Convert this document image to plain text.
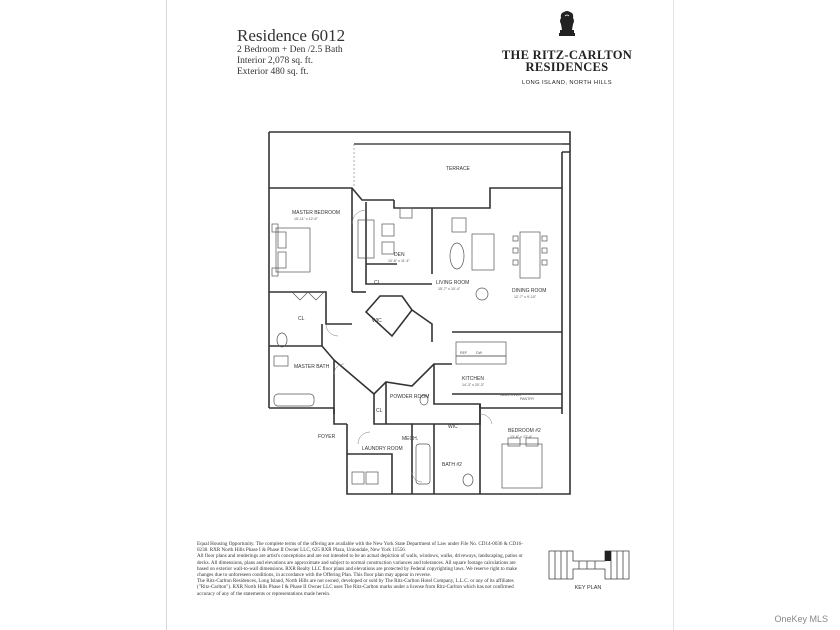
Residence 6012
2 Bedroom + Den /2.5 Bath
Interior 2,078 sq. ft.
Exterior 480 sq. ft.
THE RITZ-CARLTON
RESIDENCES
LONG ISLAND, NORTH HILLS
TERRACE
MASTER BEDROOM
15'-11" x 12'-6"
DEN
10'-6" x 11'-4"
CL	LIVING ROOM
15'-7" x 10'-4"	DINING ROOM
12'-7" x 9'-10"
CL	WIC
MASTER BATH
REF DW
KITCHEN
14'-3" x 20'-3"
WALL OVEN
PANTRY
POWDER ROOM
CL
WIC
BEDROOM #2
13'-6" x 13'-4"
FOYER	MECH.
LAUNDRY ROOM
BATH #2

Equal Housing Opportunity. The complete terms of the offering are available with the New York State Department of Law under File No. CD14-0036 & CD16-0238. RXR North Hills Phase I & Phase II Owner LLC, 625 RXR Plaza, Uniondale, New York 11556.

All floor plans and renderings are artist's conceptions and are not intended to be an actual depiction of walls, windows, walks, driveways, landscaping, patios or decks. All dimensions, plans and elevations are approximate and subject to normal construction variances and tolerances. All square footage calculations are based on exterior wall-to-wall dimensions. RXR Realty LLC floor plans and elevations are protected by Federal copyrighting laws. We reserve right to make changes due to unforeseen conditions, in accordance with the Offering Plan. This floor plan may appear in reverse.

The Ritz-Carlton Residences, Long Island, North Hills are not owned, developed or sold by The Ritz-Carlton Hotel Company, L.L.C. or any of its affiliates ("Ritz-Carlton"). RXR North Hills Phase I & Phase II Owner LLC uses The Ritz-Carlton marks under a license from Ritz-Carlton which has not confirmed accuracy of any of the statements or representations made herein.

KEY PLAN
OneKey MLS
